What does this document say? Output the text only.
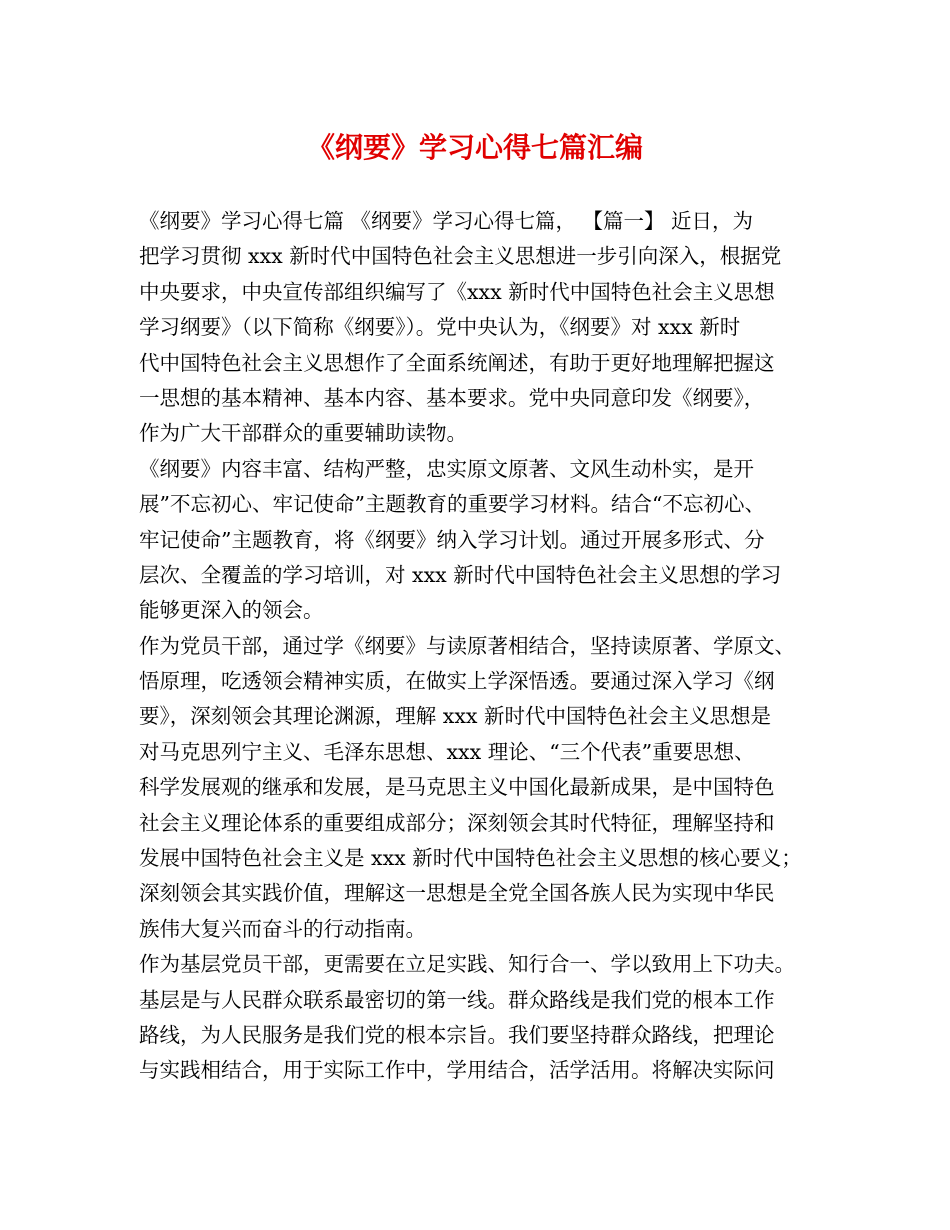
《纲要》学习心得七篇汇编
《纲要》学习心得七篇 《纲要》学习心得七篇， 【篇一】 近日，为
把学习贯彻 xxx 新时代中国特色社会主义思想进一步引向深入，根据党
中央要求，中央宣传部组织编写了《xxx 新时代中国特色社会主义思想
学习纲要》（以下简称《纲要》）。党中央认为，《纲要》对 xxx 新时
代中国特色社会主义思想作了全面系统阐述，有助于更好地理解把握这
一思想的基本精神、基本内容、基本要求。党中央同意印发《纲要》，
作为广大干部群众的重要辅助读物。
《纲要》内容丰富、结构严整，忠实原文原著、文风生动朴实，是开
展”不忘初心、牢记使命”主题教育的重要学习材料。结合“不忘初心、
牢记使命”主题教育，将《纲要》纳入学习计划。通过开展多形式、分
层次、全覆盖的学习培训，对 xxx 新时代中国特色社会主义思想的学习
能够更深入的领会。
作为党员干部，通过学《纲要》与读原著相结合，坚持读原著、学原文、
悟原理，吃透领会精神实质，在做实上学深悟透。要通过深入学习《纲
要》，深刻领会其理论渊源，理解 xxx 新时代中国特色社会主义思想是
对马克思列宁主义、毛泽东思想、xxx 理论、“三个代表”重要思想、
科学发展观的继承和发展，是马克思主义中国化最新成果，是中国特色
社会主义理论体系的重要组成部分；深刻领会其时代特征，理解坚持和
发展中国特色社会主义是 xxx 新时代中国特色社会主义思想的核心要义；
深刻领会其实践价值，理解这一思想是全党全国各族人民为实现中华民
族伟大复兴而奋斗的行动指南。
作为基层党员干部，更需要在立足实践、知行合一、学以致用上下功夫。
基层是与人民群众联系最密切的第一线。群众路线是我们党的根本工作
路线，为人民服务是我们党的根本宗旨。我们要坚持群众路线，把理论
与实践相结合，用于实际工作中，学用结合，活学活用。将解决实际问
